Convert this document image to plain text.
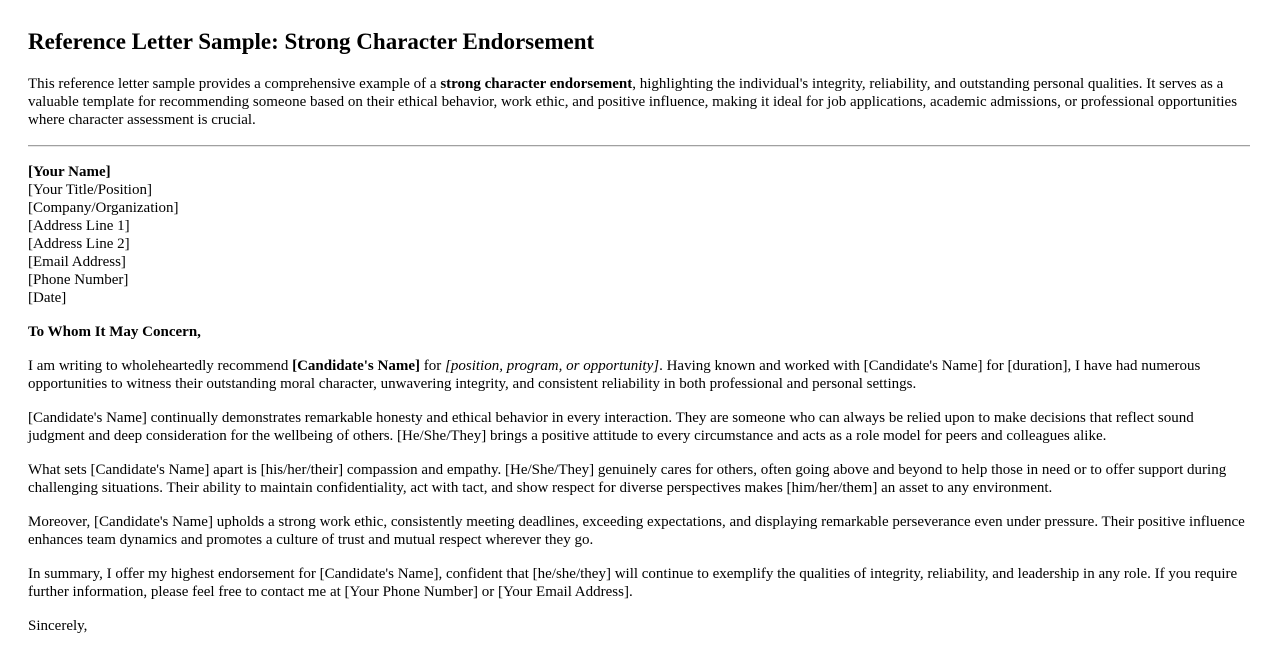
Reference Letter Sample: Strong Character Endorsement

This reference letter sample provides a comprehensive example of a strong character endorsement, highlighting the individual's integrity, reliability, and outstanding personal qualities. It serves as a valuable template for recommending someone based on their ethical behavior, work ethic, and positive influence, making it ideal for job applications, academic admissions, or professional opportunities where character assessment is crucial.

[Your Name]
[Your Title/Position]
[Company/Organization]
[Address Line 1]
[Address Line 2]
[Email Address]
[Phone Number]
[Date]

To Whom It May Concern,

I am writing to wholeheartedly recommend [Candidate's Name] for [position, program, or opportunity]. Having known and worked with [Candidate's Name] for [duration], I have had numerous opportunities to witness their outstanding moral character, unwavering integrity, and consistent reliability in both professional and personal settings.

[Candidate's Name] continually demonstrates remarkable honesty and ethical behavior in every interaction. They are someone who can always be relied upon to make decisions that reflect sound judgment and deep consideration for the wellbeing of others. [He/She/They] brings a positive attitude to every circumstance and acts as a role model for peers and colleagues alike.

What sets [Candidate's Name] apart is [his/her/their] compassion and empathy. [He/She/They] genuinely cares for others, often going above and beyond to help those in need or to offer support during challenging situations. Their ability to maintain confidentiality, act with tact, and show respect for diverse perspectives makes [him/her/them] an asset to any environment.

Moreover, [Candidate's Name] upholds a strong work ethic, consistently meeting deadlines, exceeding expectations, and displaying remarkable perseverance even under pressure. Their positive influence enhances team dynamics and promotes a culture of trust and mutual respect wherever they go.

In summary, I offer my highest endorsement for [Candidate's Name], confident that [he/she/they] will continue to exemplify the qualities of integrity, reliability, and leadership in any role. If you require further information, please feel free to contact me at [Your Phone Number] or [Your Email Address].

Sincerely,
